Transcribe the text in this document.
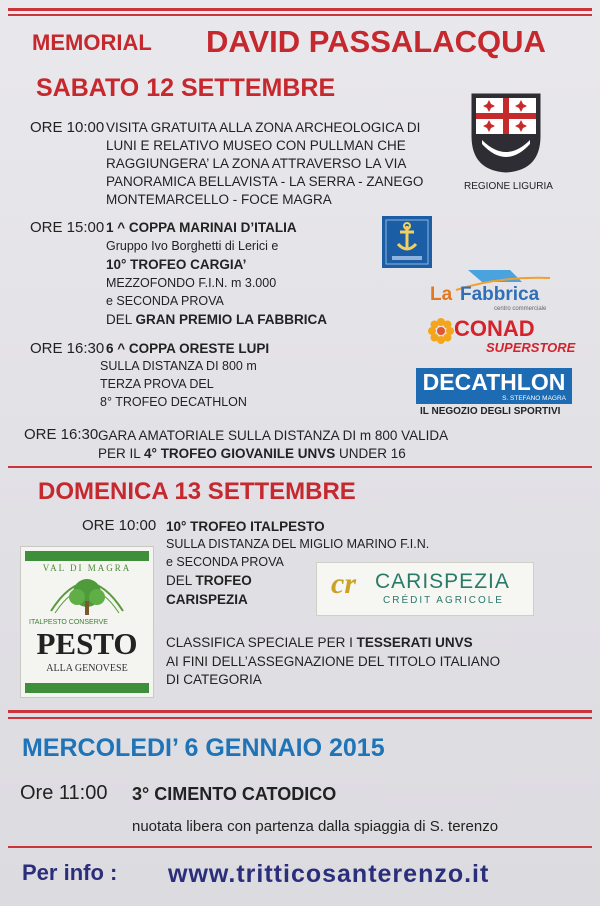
MEMORIAL DAVID PASSALACQUA
SABATO 12 SETTEMBRE
ORE 10:00 VISITA GRATUITA ALLA ZONA ARCHEOLOGICA DI
LUNI E RELATIVO MUSEO CON PULLMAN CHE
RAGGIUNGERA’ LA ZONA ATTRAVERSO LA VIA
PANORAMICA BELLAVISTA - LA SERRA - ZANEGO
MONTEMARCELLO - FOCE MAGRA
REGIONE LIGURIA
ORE 15:00 1 ^ COPPA MARINAI D’ITALIA
Gruppo Ivo Borghetti di Lerici e
10° TROFEO CARGIA’
MEZZOFONDO F.I.N. m 3.000
e SECONDA PROVA
DEL GRAN PREMIO LA FABBRICA
La Fabbrica
centro commerciale
CONAD
SUPERSTORE
ORE 16:30 6 ^ COPPA ORESTE LUPI
SULLA DISTANZA DI 800 m
TERZA PROVA DEL
8° TROFEO DECATHLON
DECATHLON
S. STEFANO MAGRA
IL NEGOZIO DEGLI SPORTIVI
ORE 16:30 GARA AMATORIALE SULLA DISTANZA DI m 800 VALIDA
PER IL 4° TROFEO GIOVANILE UNVS UNDER 16
DOMENICA 13 SETTEMBRE
ORE 10:00 10° TROFEO ITALPESTO
SULLA DISTANZA DEL MIGLIO MARINO F.I.N.
e SECONDA PROVA
DEL TROFEO
CARISPEZIA
VAL DI MAGRA
ITALPESTO CONSERVE
PESTO
ALLA GENOVESE
cr CARISPEZIA
CRÉDIT AGRICOLE
CLASSIFICA SPECIALE PER I TESSERATI UNVS
AI FINI DELL’ASSEGNAZIONE DEL TITOLO ITALIANO
DI CATEGORIA
MERCOLEDI’ 6 GENNAIO 2015
Ore 11:00 3° CIMENTO CATODICO
nuotata libera con partenza dalla spiaggia di S. terenzo
Per info : www.tritticosanterenzo.it
